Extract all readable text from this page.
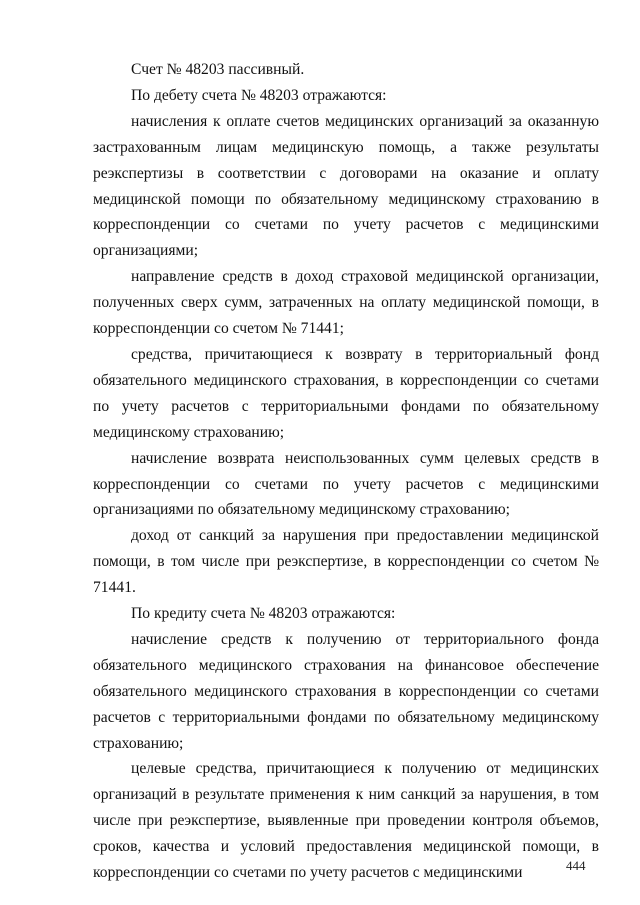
Счет № 48203 пассивный.

По дебету счета № 48203 отражаются:

начисления к оплате счетов медицинских организаций за оказанную застрахованным лицам медицинскую помощь, а также результаты реэкспертизы в соответствии с договорами на оказание и оплату медицинской помощи по обязательному медицинскому страхованию в корреспонденции со счетами по учету расчетов с медицинскими организациями;

направление средств в доход страховой медицинской организации, полученных сверх сумм, затраченных на оплату медицинской помощи, в корреспонденции со счетом № 71441;

средства, причитающиеся к возврату в территориальный фонд обязательного медицинского страхования, в корреспонденции со счетами по учету расчетов с территориальными фондами по обязательному медицинскому страхованию;

начисление возврата неиспользованных сумм целевых средств в корреспонденции со счетами по учету расчетов с медицинскими организациями по обязательному медицинскому страхованию;

доход от санкций за нарушения при предоставлении медицинской помощи, в том числе при реэкспертизе, в корреспонденции со счетом № 71441.

По кредиту счета № 48203 отражаются:

начисление средств к получению от территориального фонда обязательного медицинского страхования на финансовое обеспечение обязательного медицинского страхования в корреспонденции со счетами расчетов с территориальными фондами по обязательному медицинскому страхованию;

целевые средства, причитающиеся к получению от медицинских организаций в результате применения к ним санкций за нарушения, в том числе при реэкспертизе, выявленные при проведении контроля объемов, сроков, качества и условий предоставления медицинской помощи, в корреспонденции со счетами по учету расчетов с медицинскими	444
